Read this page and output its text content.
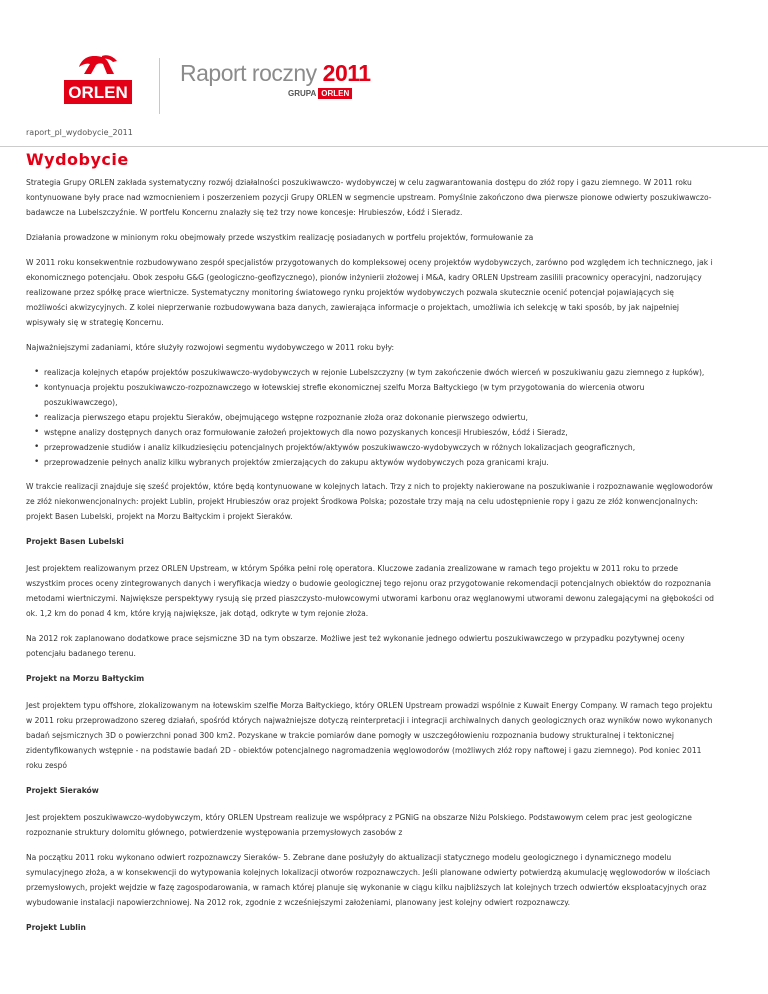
ORLEN
Raport roczny 2011
GRUPA ORLEN
raport_pl_wydobycie_2011
Wydobycie

Strategia Grupy ORLEN zakłada systematyczny rozwój działalności poszukiwawczo- wydobywczej w celu zagwarantowania dostępu do złóż ropy i gazu ziemnego. W 2011 roku kontynuowane były prace nad wzmocnieniem i poszerzeniem pozycji Grupy ORLEN w segmencie upstream. Pomyślnie zakończono dwa pierwsze pionowe odwierty poszukiwawczo-badawcze na Lubelszczyźnie. W portfelu Koncernu znalazły się też trzy nowe koncesje: Hrubieszów, Łódź i Sieradz.

Działania prowadzone w minionym roku obejmowały przede wszystkim realizację posiadanych w portfelu projektów, formułowanie za

W 2011 roku konsekwentnie rozbudowywano zespół specjalistów przygotowanych do kompleksowej oceny projektów wydobywczych, zarówno pod względem ich technicznego, jak i ekonomicznego potencjału. Obok zespołu G&G (geologiczno-geofizycznego), pionów inżynierii złożowej i M&A, kadry ORLEN Upstream zasilili pracownicy operacyjni, nadzorujący realizowane przez spółkę prace wiertnicze. Systematyczny monitoring światowego rynku projektów wydobywczych pozwala skutecznie ocenić potencjał pojawiających się możliwości akwizycyjnych. Z kolei nieprzerwanie rozbudowywana baza danych, zawierająca informacje o projektach, umożliwia ich selekcję w taki sposób, by jak najpełniej wpisywały się w strategię Koncernu.

Najważniejszymi zadaniami, które służyły rozwojowi segmentu wydobywczego w 2011 roku były:

• realizacja kolejnych etapów projektów poszukiwawczo-wydobywczych w rejonie Lubelszczyzny (w tym zakończenie dwóch wierceń w poszukiwaniu gazu ziemnego z łupków),
• kontynuacja projektu poszukiwawczo-rozpoznawczego w łotewskiej strefie ekonomicznej szelfu Morza Bałtyckiego (w tym przygotowania do wiercenia otworu poszukiwawczego),
• realizacja pierwszego etapu projektu Sieraków, obejmującego wstępne rozpoznanie złoża oraz dokonanie pierwszego odwiertu,
• wstępne analizy dostępnych danych oraz formułowanie założeń projektowych dla nowo pozyskanych koncesji Hrubieszów, Łódź i Sieradz,
• przeprowadzenie studiów i analiz kilkudziesięciu potencjalnych projektów/aktywów poszukiwawczo-wydobywczych w różnych lokalizacjach geograficznych,
• przeprowadzenie pełnych analiz kilku wybranych projektów zmierzających do zakupu aktywów wydobywczych poza granicami kraju.

W trakcie realizacji znajduje się sześć projektów, które będą kontynuowane w kolejnych latach. Trzy z nich to projekty nakierowane na poszukiwanie i rozpoznawanie węglowodorów ze złóż niekonwencjonalnych: projekt Lublin, projekt Hrubieszów oraz projekt Środkowa Polska; pozostałe trzy mają na celu udostępnienie ropy i gazu ze złóż konwencjonalnych: projekt Basen Lubelski, projekt na Morzu Bałtyckim i projekt Sieraków.

Projekt Basen Lubelski

Jest projektem realizowanym przez ORLEN Upstream, w którym Spółka pełni rolę operatora. Kluczowe zadania zrealizowane w ramach tego projektu w 2011 roku to przede wszystkim proces oceny zintegrowanych danych i weryfikacja wiedzy o budowie geologicznej tego rejonu oraz przygotowanie rekomendacji potencjalnych obiektów do rozpoznania metodami wiertniczymi. Największe perspektywy rysują się przed piaszczysto-mułowcowymi utworami karbonu oraz węglanowymi utworami dewonu zalegającymi na głębokości od ok. 1,2 km do ponad 4 km, które kryją największe, jak dotąd, odkryte w tym rejonie złoża.

Na 2012 rok zaplanowano dodatkowe prace sejsmiczne 3D na tym obszarze. Możliwe jest też wykonanie jednego odwiertu poszukiwawczego w przypadku pozytywnej oceny potencjału badanego terenu.

Projekt na Morzu Bałtyckim

Jest projektem typu offshore, zlokalizowanym na łotewskim szelfie Morza Bałtyckiego, który ORLEN Upstream prowadzi wspólnie z Kuwait Energy Company. W ramach tego projektu w 2011 roku przeprowadzono szereg działań, spośród których najważniejsze dotyczą reinterpretacji i integracji archiwalnych danych geologicznych oraz wyników nowo wykonanych badań sejsmicznych 3D o powierzchni ponad 300 km2. Pozyskane w trakcie pomiarów dane pomogły w uszczegółowieniu rozpoznania budowy strukturalnej i tektonicznej zidentyfikowanych wstępnie - na podstawie badań 2D - obiektów potencjalnego nagromadzenia węglowodorów (możliwych złóż ropy naftowej i gazu ziemnego). Pod koniec 2011 roku zespó

Projekt Sieraków

Jest projektem poszukiwawczo-wydobywczym, który ORLEN Upstream realizuje we współpracy z PGNiG na obszarze Niżu Polskiego. Podstawowym celem prac jest geologiczne rozpoznanie struktury dolomitu głównego, potwierdzenie występowania przemysłowych zasobów z

Na początku 2011 roku wykonano odwiert rozpoznawczy Sieraków- 5. Zebrane dane posłużyły do aktualizacji statycznego modelu geologicznego i dynamicznego modelu symulacyjnego złoża, a w konsekwencji do wytypowania kolejnych lokalizacji otworów rozpoznawczych. Jeśli planowane odwierty potwierdzą akumulację węglowodorów w ilościach przemysłowych, projekt wejdzie w fazę zagospodarowania, w ramach której planuje się wykonanie w ciągu kilku najbliższych lat kolejnych trzech odwiertów eksploatacyjnych oraz wybudowanie instalacji napowierzchniowej. Na 2012 rok, zgodnie z wcześniejszymi założeniami, planowany jest kolejny odwiert rozpoznawczy.

Projekt Lublin
